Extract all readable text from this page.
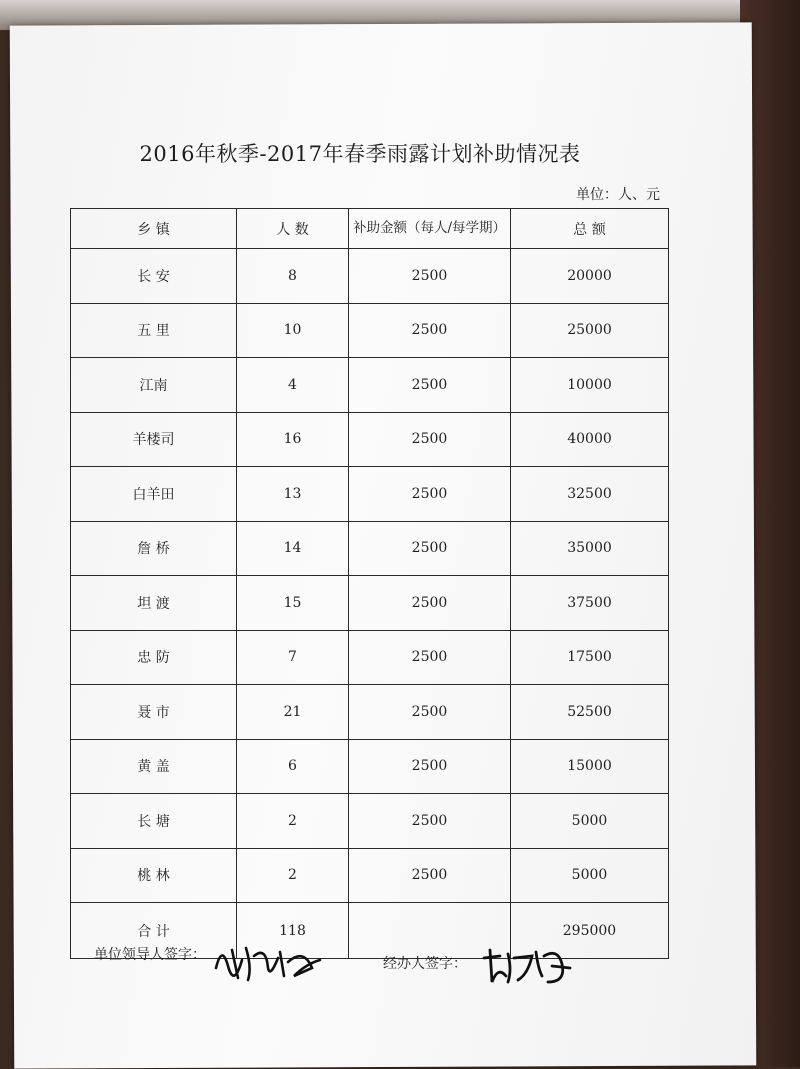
2016年秋季-2017年春季雨露计划补助情况表
单位：人、元
乡 镇	人 数	补助金额（每人/每学期）	总 额
长 安	8	2500	20000
五 里	10	2500	25000
江南	4	2500	10000
羊楼司	16	2500	40000
白羊田	13	2500	32500
詹 桥	14	2500	35000
坦 渡	15	2500	37500
忠 防	7	2500	17500
聂 市	21	2500	52500
黄 盖	6	2500	15000
长 塘	2	2500	5000
桃 林	2	2500	5000
合 计	118		295000
单位领导人签字：
经办人签字：
